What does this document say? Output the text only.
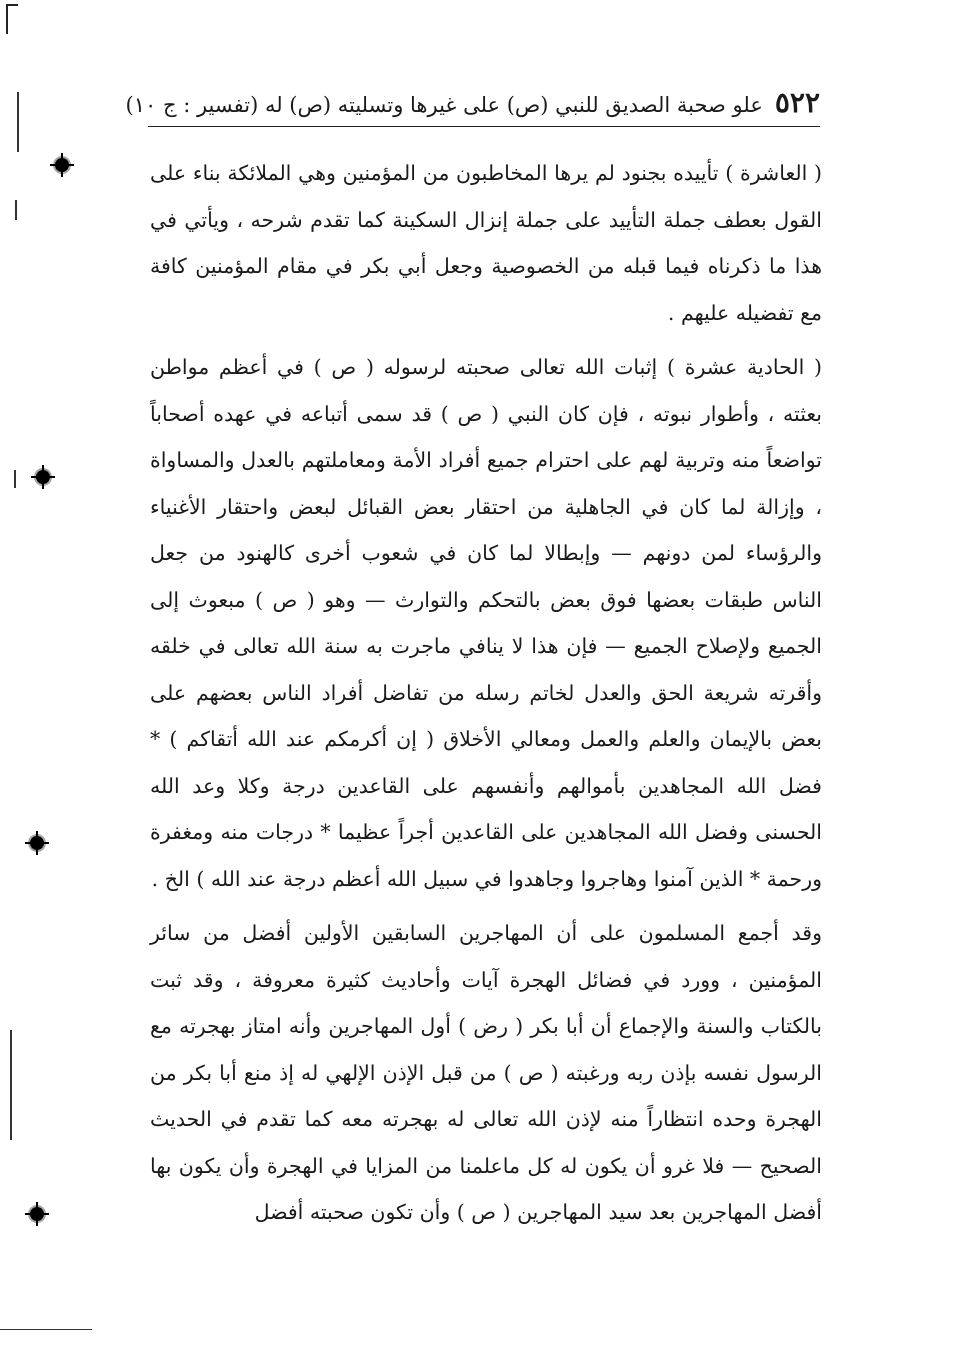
٥٢٢
علو صحبة الصديق للنبي (ص) على غيرها وتسليته (ص) له (تفسير : ج ١٠)

( العاشرة ) تأييده بجنود لم يرها المخاطبون من المؤمنين وهي الملائكة بناء على القول بعطف جملة التأييد على جملة إنزال السكينة كما تقدم شرحه ، ويأتي في هذا ما ذكرناه فيما قبله من الخصوصية وجعل أبي بكر في مقام المؤمنين كافة مع تفضيله عليهم .

( الحادية عشرة ) إثبات الله تعالى صحبته لرسوله ( ص ) في أعظم مواطن بعثته ، وأطوار نبوته ، فإن كان النبي ( ص ) قد سمى أتباعه في عهده أصحاباً تواضعاً منه وتربية لهم على احترام جميع أفراد الأمة ومعاملتهم بالعدل والمساواة ، وإزالة لما كان في الجاهلية من احتقار بعض القبائل لبعض واحتقار الأغنياء والرؤساء لمن دونهم — وإبطالا لما كان في شعوب أخرى كالهنود من جعل الناس طبقات بعضها فوق بعض بالتحكم والتوارث — وهو ( ص ) مبعوث إلى الجميع ولإصلاح الجميع — فإن هذا لا ينافي ماجرت به سنة الله تعالى في خلقه وأقرته شريعة الحق والعدل لخاتم رسله من تفاضل أفراد الناس بعضهم على بعض بالإيمان والعلم والعمل ومعالي الأخلاق ( إن أكرمكم عند الله أتقاكم ) * فضل الله المجاهدين بأموالهم وأنفسهم على القاعدين درجة وكلا وعد الله الحسنى وفضل الله المجاهدين على القاعدين أجراً عظيما * درجات منه ومغفرة ورحمة * الذين آمنوا وهاجروا وجاهدوا في سبيل الله أعظم درجة عند الله ) الخ .

وقد أجمع المسلمون على أن المهاجرين السابقين الأولين أفضل من سائر المؤمنين ، وورد في فضائل الهجرة آيات وأحاديث كثيرة معروفة ، وقد ثبت بالكتاب والسنة والإجماع أن أبا بكر ( رض ) أول المهاجرين وأنه امتاز بهجرته مع الرسول نفسه بإذن ربه ورغبته ( ص ) من قبل الإذن الإلهي له إذ منع أبا بكر من الهجرة وحده انتظاراً منه لإذن الله تعالى له بهجرته معه كما تقدم في الحديث الصحيح — فلا غرو أن يكون له كل ماعلمنا من المزايا في الهجرة وأن يكون بها أفضل المهاجرين بعد سيد المهاجرين ( ص ) وأن تكون صحبته أفضل
